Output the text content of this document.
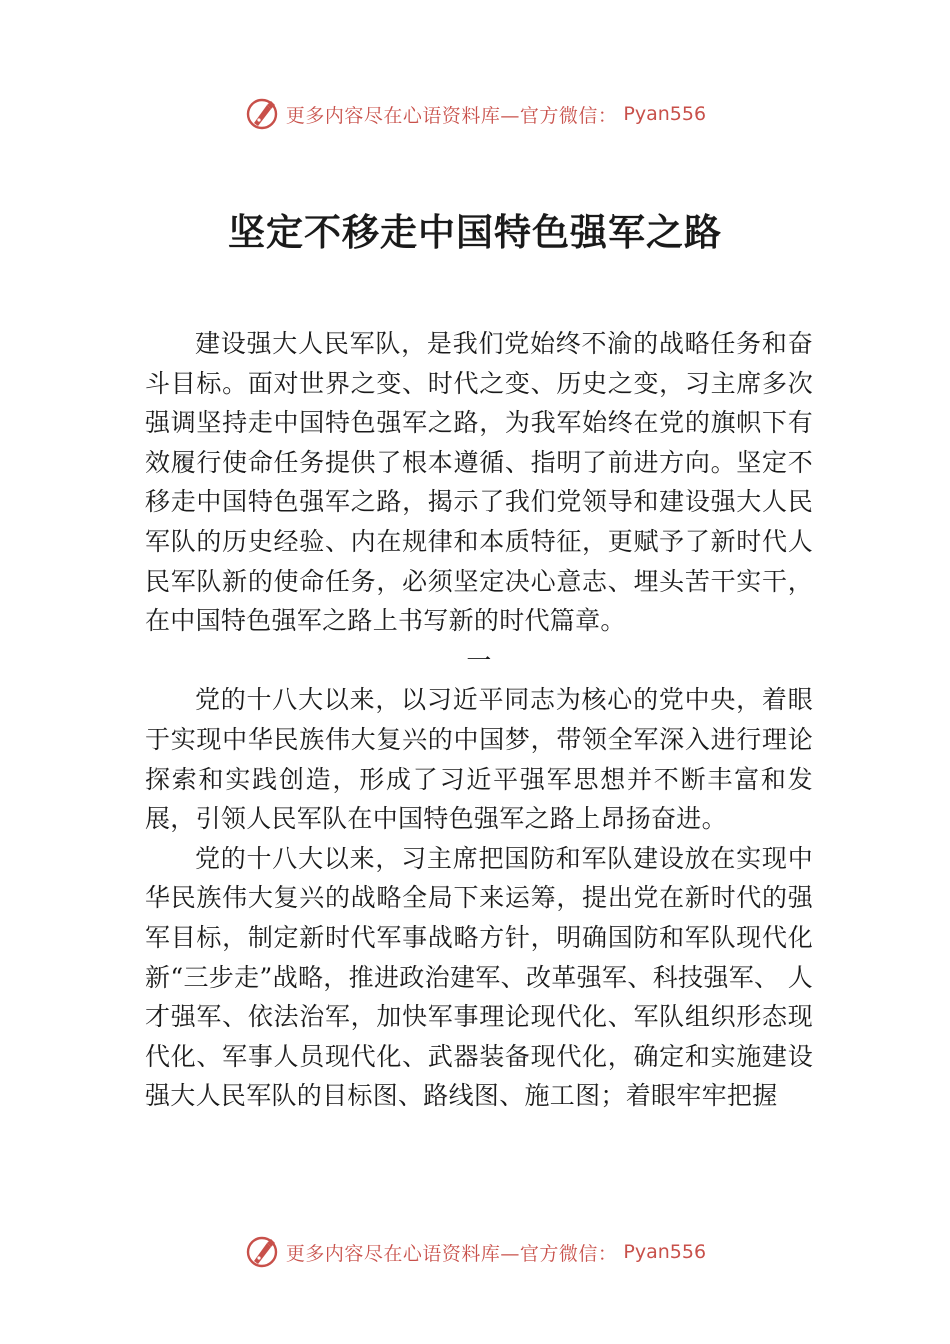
更多内容尽在心语资料库—官方微信： Pyan556
坚定不移走中国特色强军之路

建设强大人民军队，是我们党始终不渝的战略任务和奋斗目标。面对世界之变、时代之变、历史之变，习主席多次强调坚持走中国特色强军之路，为我军始终在党的旗帜下有效履行使命任务提供了根本遵循、指明了前进方向。坚定不移走中国特色强军之路，揭示了我们党领导和建设强大人民军队的历史经验、内在规律和本质特征，更赋予了新时代人民军队新的使命任务，必须坚定决心意志、埋头苦干实干， 在中国特色强军之路上书写新的时代篇章。

一

党的十八大以来，以习近平同志为核心的党中央，着眼于实现中华民族伟大复兴的中国梦，带领全军深入进行理论探索和实践创造，形成了习近平强军思想并不断丰富和发展，引领人民军队在中国特色强军之路上昂扬奋进。

党的十八大以来，习主席把国防和军队建设放在实现中华民族伟大复兴的战略全局下来运筹，提出党在新时代的强军目标，制定新时代军事战略方针，明确国防和军队现代化新“三步走”战略，推进政治建军、改革强军、科技强军、 人才强军、依法治军，加快军事理论现代化、军队组织形态现代化、军事人员现代化、武器装备现代化，确定和实施建设强大人民军队的目标图、路线图、施工图；着眼牢牢把握

更多内容尽在心语资料库—官方微信： Pyan556
